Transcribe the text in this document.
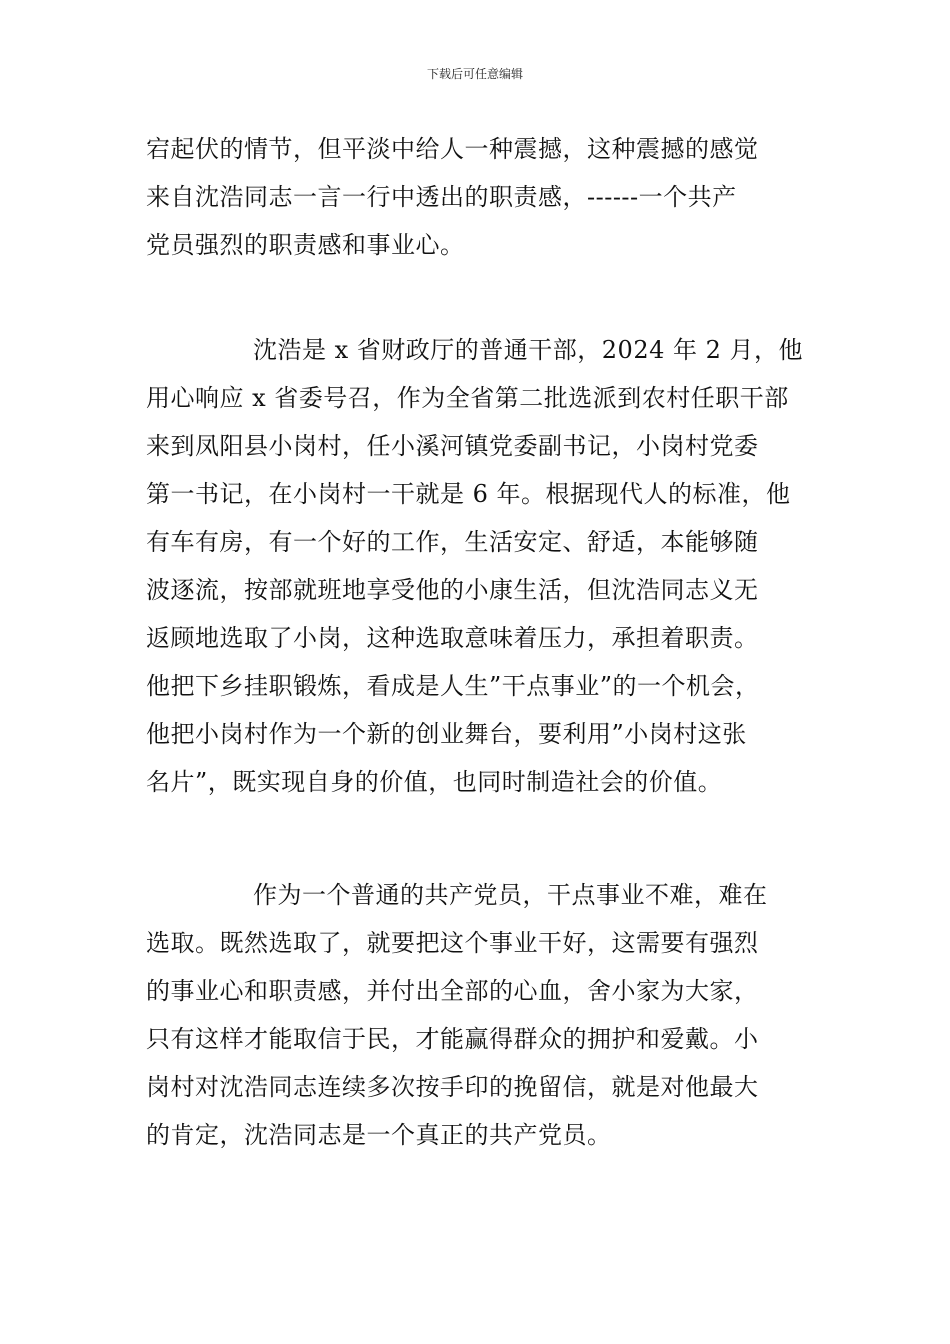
下载后可任意编辑
宕起伏的情节，但平淡中给人一种震撼，这种震撼的感觉
来自沈浩同志一言一行中透出的职责感，------一个共产
党员强烈的职责感和事业心。
沈浩是 x 省财政厅的普通干部，2024 年 2 月，他
用心响应 x 省委号召，作为全省第二批选派到农村任职干部
来到凤阳县小岗村，任小溪河镇党委副书记，小岗村党委
第一书记，在小岗村一干就是 6 年。根据现代人的标准，他
有车有房，有一个好的工作，生活安定、舒适，本能够随
波逐流，按部就班地享受他的小康生活，但沈浩同志义无
返顾地选取了小岗，这种选取意味着压力，承担着职责。
他把下乡挂职锻炼，看成是人生”干点事业”的一个机会，
他把小岗村作为一个新的创业舞台，要利用”小岗村这张
名片”，既实现自身的价值，也同时制造社会的价值。
作为一个普通的共产党员，干点事业不难，难在
选取。既然选取了，就要把这个事业干好，这需要有强烈
的事业心和职责感，并付出全部的心血，舍小家为大家，
只有这样才能取信于民，才能赢得群众的拥护和爱戴。小
岗村对沈浩同志连续多次按手印的挽留信，就是对他最大
的肯定，沈浩同志是一个真正的共产党员。
